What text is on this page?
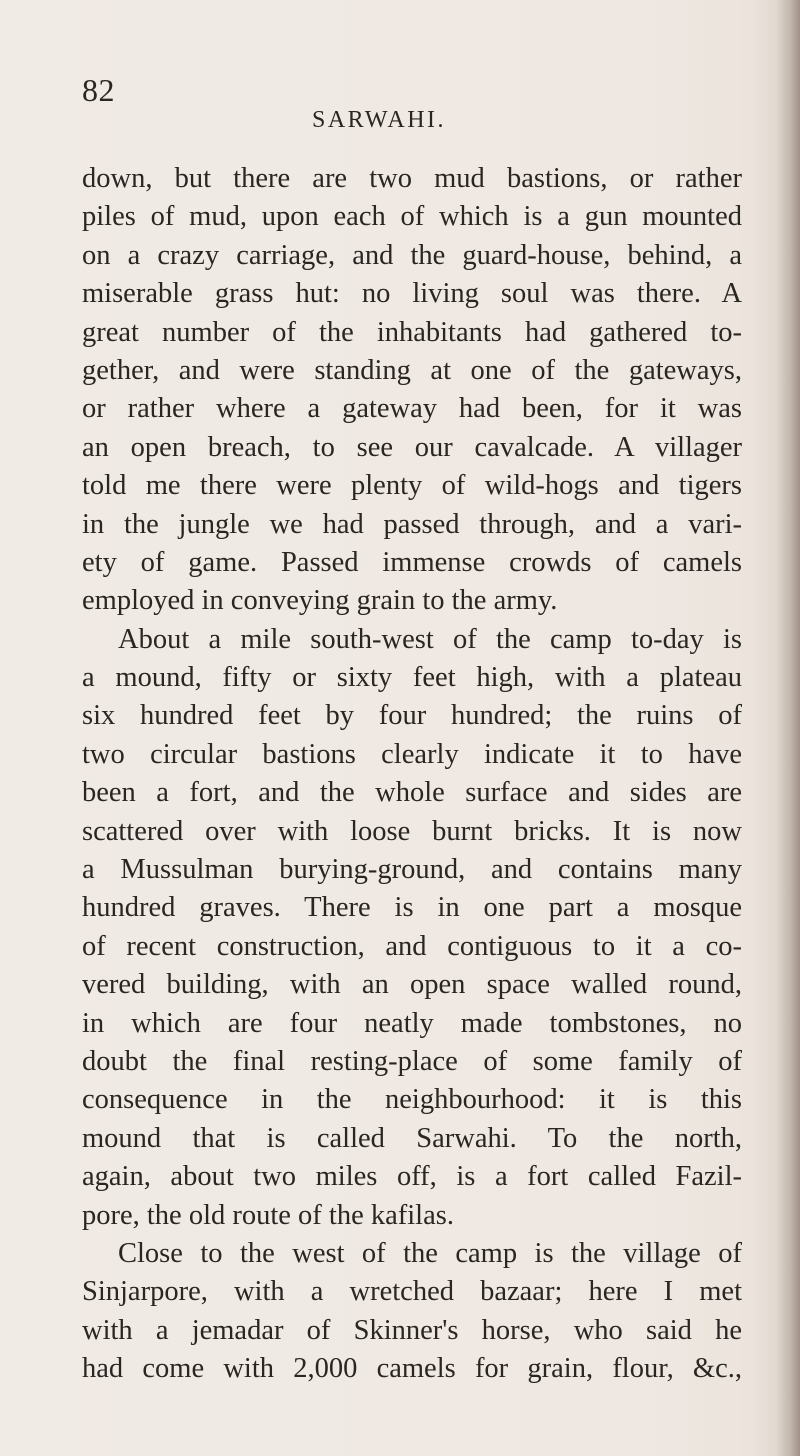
82
SARWAHI.
down, but there are two mud bastions, or rather
piles of mud, upon each of which is a gun mounted
on a crazy carriage, and the guard-house, behind, a
miserable grass hut: no living soul was there. A
great number of the inhabitants had gathered to-
gether, and were standing at one of the gateways,
or rather where a gateway had been, for it was
an open breach, to see our cavalcade. A villager
told me there were plenty of wild-hogs and tigers
in the jungle we had passed through, and a vari-
ety of game. Passed immense crowds of camels
employed in conveying grain to the army.
About a mile south-west of the camp to-day is
a mound, fifty or sixty feet high, with a plateau
six hundred feet by four hundred; the ruins of
two circular bastions clearly indicate it to have
been a fort, and the whole surface and sides are
scattered over with loose burnt bricks. It is now
a Mussulman burying-ground, and contains many
hundred graves. There is in one part a mosque
of recent construction, and contiguous to it a co-
vered building, with an open space walled round,
in which are four neatly made tombstones, no
doubt the final resting-place of some family of
consequence in the neighbourhood: it is this
mound that is called Sarwahi. To the north,
again, about two miles off, is a fort called Fazil-
pore, the old route of the kafilas.
Close to the west of the camp is the village of
Sinjarpore, with a wretched bazaar; here I met
with a jemadar of Skinner's horse, who said he
had come with 2,000 camels for grain, flour, &c.,
